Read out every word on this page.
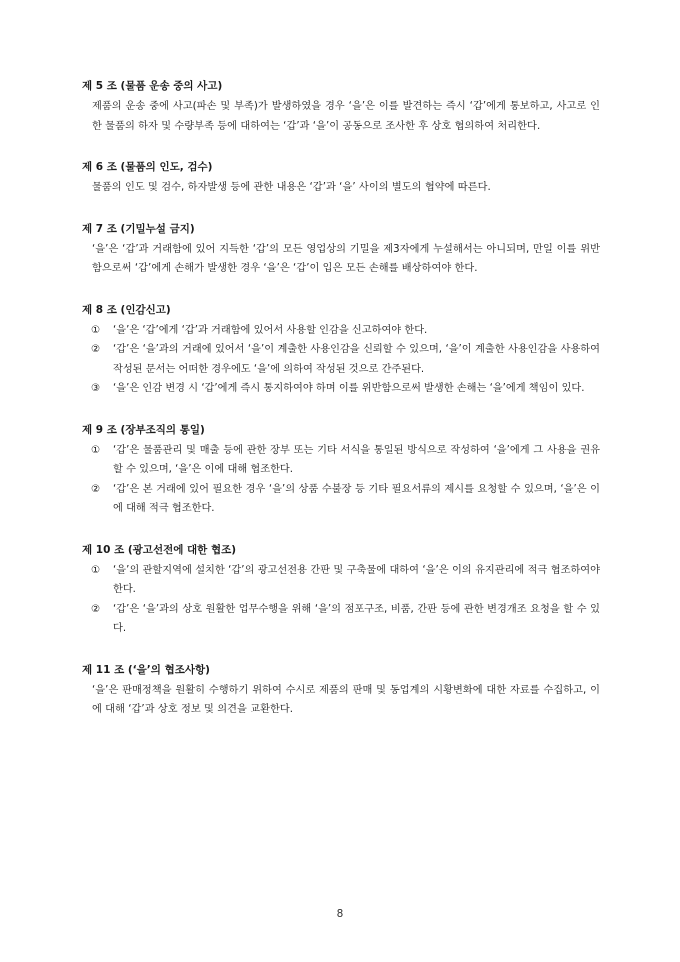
제 5 조 (물품 운송 중의 사고)

제품의 운송 중에 사고(파손 및 부족)가 발생하였을 경우 ‘을’은 이를 발견하는 즉시 ‘갑’에게 통보하고, 사고로 인한 물품의 하자 및 수량부족 등에 대하여는 ‘갑’과 ‘을’이 공동으로 조사한 후 상호 협의하여 처리한다.

제 6 조 (물품의 인도, 검수)

물품의 인도 및 검수, 하자발생 등에 관한 내용은 ‘갑’과 ‘을’ 사이의 별도의 협약에 따른다.

제 7 조 (기밀누설 금지)

‘을’은 ‘갑’과 거래함에 있어 지득한 ‘갑’의 모든 영업상의 기밀을 제3자에게 누설해서는 아니되며, 만일 이를 위반함으로써 ‘갑’에게 손해가 발생한 경우 ‘을’은 ‘갑’이 입은 모든 손해를 배상하여야 한다.

제 8 조 (인감신고)
①	‘을’은 ‘갑’에게 ‘갑’과 거래함에 있어서 사용할 인감을 신고하여야 한다.
②	‘갑’은 ‘을’과의 거래에 있어서 ‘을’이 계출한 사용인감을 신뢰할 수 있으며, ‘을’이 계출한 사용인감을 사용하여 작성된 문서는 어떠한 경우에도 ‘을’에 의하여 작성된 것으로 간주된다.
③	‘을’은 인감 변경 시 ‘갑’에게 즉시 통지하여야 하며 이를 위반함으로써 발생한 손해는 ‘을’에게 책임이 있다.
제 9 조 (장부조직의 통일)
①	‘갑’은 물품관리 및 매출 등에 관한 장부 또는 기타 서식을 통일된 방식으로 작성하여 ‘을’에게 그 사용을 권유할 수 있으며, ‘을’은 이에 대해 협조한다.
②	‘갑’은 본 거래에 있어 필요한 경우 ‘을’의 상품 수불장 등 기타 필요서류의 제시를 요청할 수 있으며, ‘을’은 이에 대해 적극 협조한다.
제 10 조 (광고선전에 대한 협조)
①	‘을’의 관할지역에 설치한 ‘갑’의 광고선전용 간판 및 구축물에 대하여 ‘을’은 이의 유지관리에 적극 협조하여야 한다.
②	‘갑’은 ‘을’과의 상호 원활한 업무수행을 위해 ‘을’의 점포구조, 비품, 간판 등에 관한 변경개조 요청을 할 수 있다.
제 11 조 (‘을’의 협조사항)

‘을’은 판매정책을 원활히 수행하기 위하여 수시로 제품의 판매 및 동업계의 시황변화에 대한 자료를 수집하고, 이에 대해 ‘갑’과 상호 정보 및 의견을 교환한다.

8
